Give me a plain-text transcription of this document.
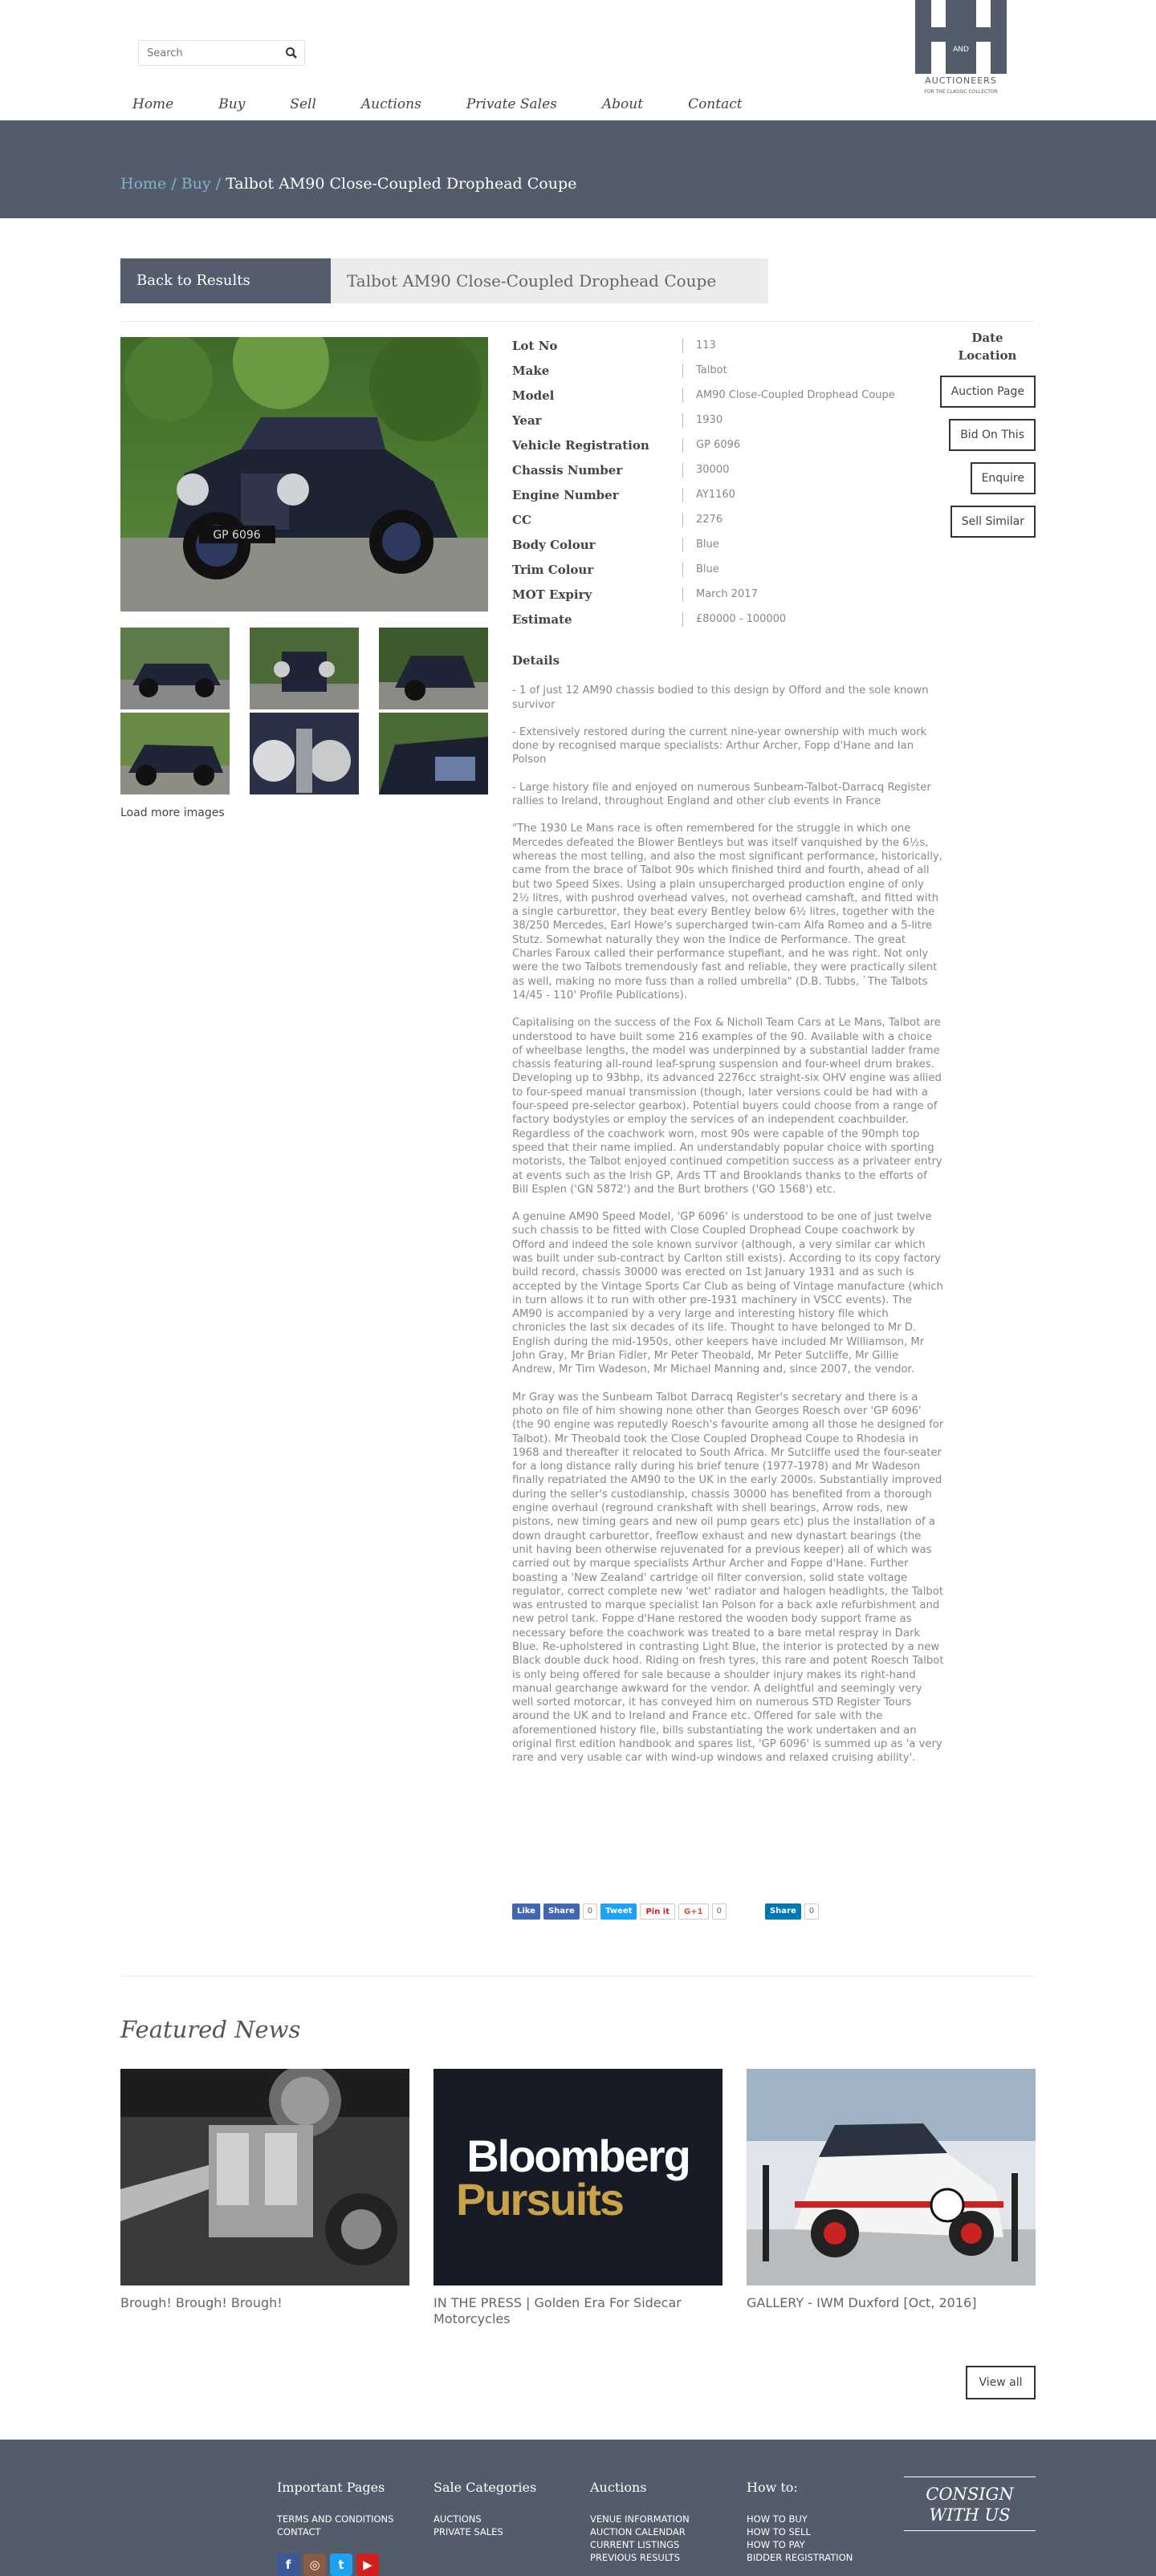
Search
Home	Buy	Sell	Auctions	Private Sales	About	Contact
AND
AUCTIONEERS
FOR THE CLASSIC COLLECTOR
Home / Buy / Talbot AM90 Close-Coupled Drophead Coupe
Back to Results	Talbot AM90 Close-Coupled Drophead Coupe
GP 6096
Load more images
Lot No	113
Make	Talbot
Model	AM90 Close-Coupled Drophead Coupe
Year	1930
Vehicle Registration	GP 6096
Chassis Number	30000
Engine Number	AY1160
CC	2276
Body Colour	Blue
Trim Colour	Blue
MOT Expiry	March 2017
Estimate	£80000 - 100000
Date
Location
Auction Page
Bid On This
Enquire
Sell Similar
Details

- 1 of just 12 AM90 chassis bodied to this design by Offord and the sole known survivor

- Extensively restored during the current nine-year ownership with much work done by recognised marque specialists: Arthur Archer, Fopp d'Hane and Ian Polson

- Large history file and enjoyed on numerous Sunbeam-Talbot-Darracq Register rallies to Ireland, throughout England and other club events in France

"The 1930 Le Mans race is often remembered for the struggle in which one Mercedes defeated the Blower Bentleys but was itself vanquished by the 6½s, whereas the most telling, and also the most significant performance, historically, came from the brace of Talbot 90s which finished third and fourth, ahead of all but two Speed Sixes. Using a plain unsupercharged production engine of only 2½ litres, with pushrod overhead valves, not overhead camshaft, and fitted with a single carburettor, they beat every Bentley below 6½ litres, together with the 38/250 Mercedes, Earl Howe's supercharged twin-cam Alfa Romeo and a 5-litre Stutz. Somewhat naturally they won the Indice de Performance. The great Charles Faroux called their performance stupefiant, and he was right. Not only were the two Talbots tremendously fast and reliable, they were practically silent as well, making no more fuss than a rolled umbrella" (D.B. Tubbs, `The Talbots 14/45 - 110' Profile Publications).

Capitalising on the success of the Fox & Nicholl Team Cars at Le Mans, Talbot are understood to have built some 216 examples of the 90. Available with a choice of wheelbase lengths, the model was underpinned by a substantial ladder frame chassis featuring all-round leaf-sprung suspension and four-wheel drum brakes. Developing up to 93bhp, its advanced 2276cc straight-six OHV engine was allied to four-speed manual transmission (though, later versions could be had with a four-speed pre-selector gearbox). Potential buyers could choose from a range of factory bodystyles or employ the services of an independent coachbuilder. Regardless of the coachwork worn, most 90s were capable of the 90mph top speed that their name implied. An understandably popular choice with sporting motorists, the Talbot enjoyed continued competition success as a privateer entry at events such as the Irish GP, Ards TT and Brooklands thanks to the efforts of Bill Esplen ('GN 5872') and the Burt brothers ('GO 1568') etc.

A genuine AM90 Speed Model, 'GP 6096' is understood to be one of just twelve such chassis to be fitted with Close Coupled Drophead Coupe coachwork by Offord and indeed the sole known survivor (although, a very similar car which was built under sub-contract by Carlton still exists). According to its copy factory build record, chassis 30000 was erected on 1st January 1931 and as such is accepted by the Vintage Sports Car Club as being of Vintage manufacture (which in turn allows it to run with other pre-1931 machinery in VSCC events). The AM90 is accompanied by a very large and interesting history file which chronicles the last six decades of its life. Thought to have belonged to Mr D. English during the mid-1950s, other keepers have included Mr Williamson, Mr John Gray, Mr Brian Fidler, Mr Peter Theobald, Mr Peter Sutcliffe, Mr Gillie Andrew, Mr Tim Wadeson, Mr Michael Manning and, since 2007, the vendor.

Mr Gray was the Sunbeam Talbot Darracq Register's secretary and there is a photo on file of him showing none other than Georges Roesch over 'GP 6096' (the 90 engine was reputedly Roesch's favourite among all those he designed for Talbot). Mr Theobald took the Close Coupled Drophead Coupe to Rhodesia in 1968 and thereafter it relocated to South Africa. Mr Sutcliffe used the four-seater for a long distance rally during his brief tenure (1977-1978) and Mr Wadeson finally repatriated the AM90 to the UK in the early 2000s. Substantially improved during the seller's custodianship, chassis 30000 has benefited from a thorough engine overhaul (reground crankshaft with shell bearings, Arrow rods, new pistons, new timing gears and new oil pump gears etc) plus the installation of a down draught carburettor, freeflow exhaust and new dynastart bearings (the unit having been otherwise rejuvenated for a previous keeper) all of which was carried out by marque specialists Arthur Archer and Foppe d'Hane. Further boasting a 'New Zealand' cartridge oil filter conversion, solid state voltage regulator, correct complete new 'wet' radiator and halogen headlights, the Talbot was entrusted to marque specialist Ian Polson for a back axle refurbishment and new petrol tank. Foppe d'Hane restored the wooden body support frame as necessary before the coachwork was treated to a bare metal respray in Dark Blue. Re-upholstered in contrasting Light Blue, the interior is protected by a new Black double duck hood. Riding on fresh tyres, this rare and potent Roesch Talbot is only being offered for sale because a shoulder injury makes its right-hand manual gearchange awkward for the vendor. A delightful and seemingly very well sorted motorcar, it has conveyed him on numerous STD Register Tours around the UK and to Ireland and France etc. Offered for sale with the aforementioned history file, bills substantiating the work undertaken and an original first edition handbook and spares list, 'GP 6096' is summed up as 'a very rare and very usable car with wind-up windows and relaxed cruising ability'.

Like	Share	0	Tweet	Pin it	G+1	0	Share	0
Featured News
Brough! Brough! Brough!
Bloomberg
Pursuits
IN THE PRESS | Golden Era For Sidecar Motorcycles
GALLERY - IWM Duxford [Oct, 2016]
View all
Important Pages
TERMS AND CONDITIONS
CONTACT
Sale Categories
AUCTIONS
PRIVATE SALES
Auctions
VENUE INFORMATION
AUCTION CALENDAR
CURRENT LISTINGS
PREVIOUS RESULTS
How to:
HOW TO BUY
HOW TO SELL
HOW TO PAY
BIDDER REGISTRATION
CONSIGN
WITH US
f	◎	t	▶
